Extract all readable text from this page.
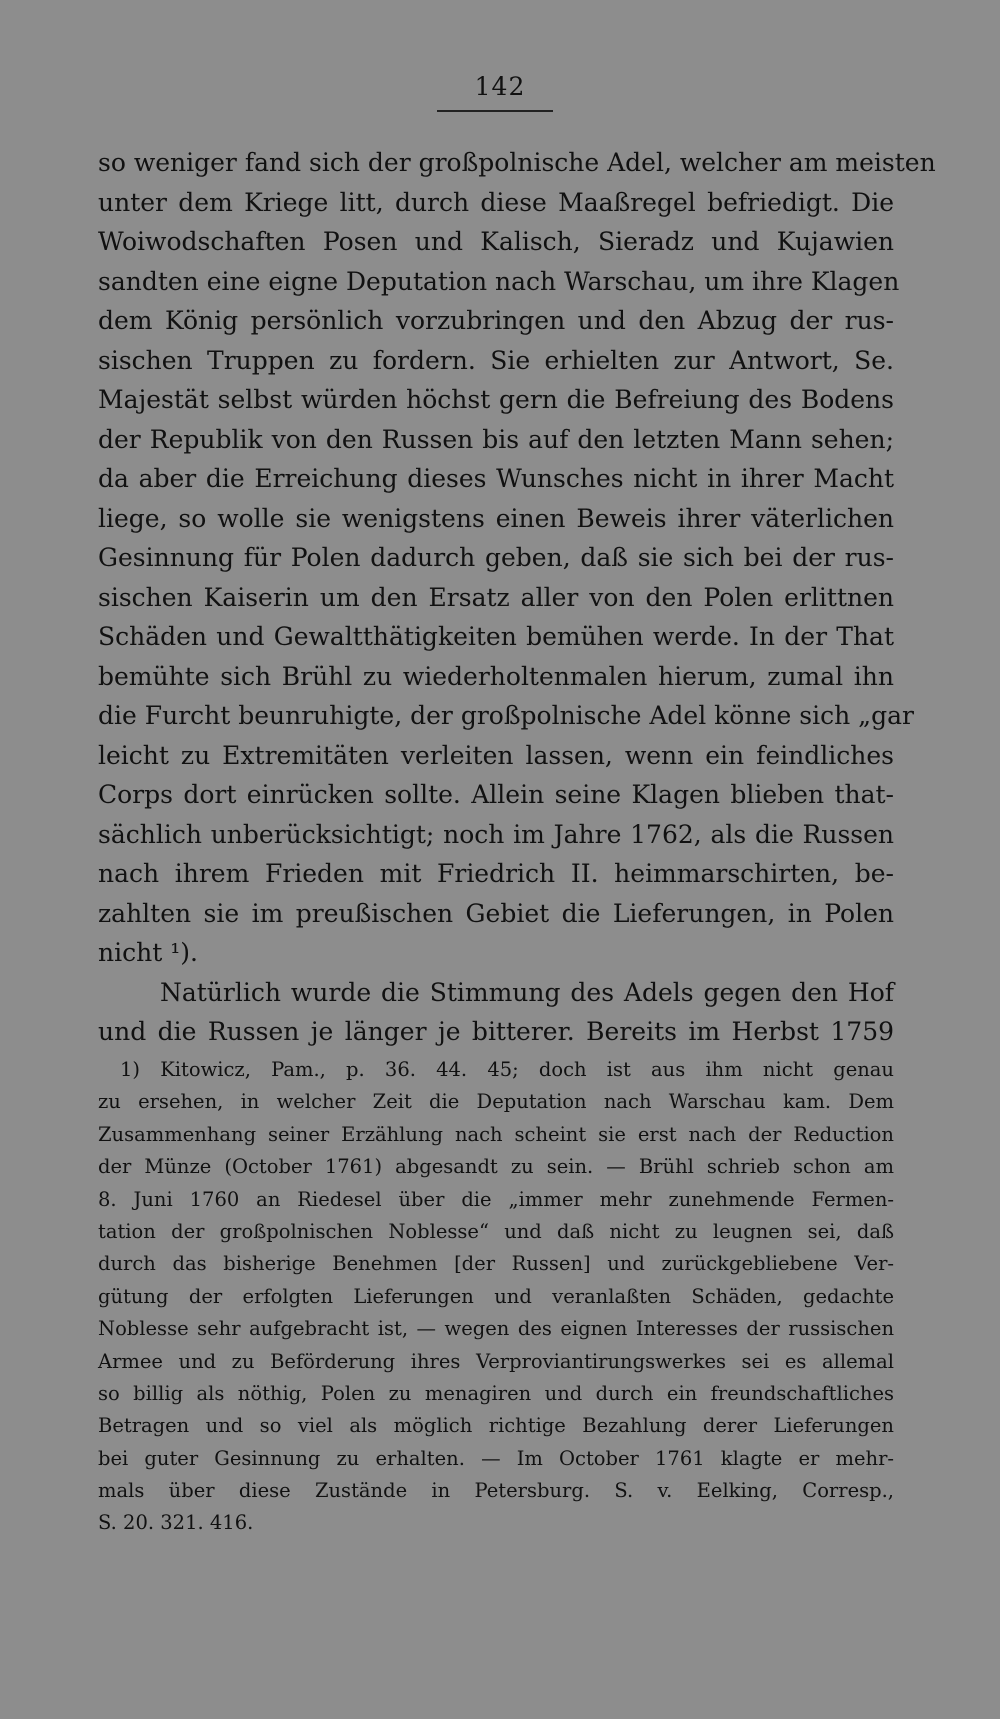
142
so weniger fand sich der großpolnische Adel, welcher am meisten
unter dem Kriege litt, durch diese Maaßregel befriedigt. Die
Woiwodschaften Posen und Kalisch, Sieradz und Kujawien
sandten eine eigne Deputation nach Warschau, um ihre Klagen
dem König persönlich vorzubringen und den Abzug der rus-
sischen Truppen zu fordern. Sie erhielten zur Antwort, Se.
Majestät selbst würden höchst gern die Befreiung des Bodens
der Republik von den Russen bis auf den letzten Mann sehen;
da aber die Erreichung dieses Wunsches nicht in ihrer Macht
liege, so wolle sie wenigstens einen Beweis ihrer väterlichen
Gesinnung für Polen dadurch geben, daß sie sich bei der rus-
sischen Kaiserin um den Ersatz aller von den Polen erlittnen
Schäden und Gewaltthätigkeiten bemühen werde. In der That
bemühte sich Brühl zu wiederholtenmalen hierum, zumal ihn
die Furcht beunruhigte, der großpolnische Adel könne sich „gar
leicht zu Extremitäten verleiten lassen, wenn ein feindliches
Corps dort einrücken sollte. Allein seine Klagen blieben that-
sächlich unberücksichtigt; noch im Jahre 1762, als die Russen
nach ihrem Frieden mit Friedrich II. heimmarschirten, be-
zahlten sie im preußischen Gebiet die Lieferungen, in Polen
nicht ¹).
Natürlich wurde die Stimmung des Adels gegen den Hof
und die Russen je länger je bitterer. Bereits im Herbst 1759
1) Kitowicz, Pam., p. 36. 44. 45; doch ist aus ihm nicht genau
zu ersehen, in welcher Zeit die Deputation nach Warschau kam. Dem
Zusammenhang seiner Erzählung nach scheint sie erst nach der Reduction
der Münze (October 1761) abgesandt zu sein. — Brühl schrieb schon am
8. Juni 1760 an Riedesel über die „immer mehr zunehmende Fermen-
tation der großpolnischen Noblesse“ und daß nicht zu leugnen sei, daß
durch das bisherige Benehmen [der Russen] und zurückgebliebene Ver-
gütung der erfolgten Lieferungen und veranlaßten Schäden, gedachte
Noblesse sehr aufgebracht ist, — wegen des eignen Interesses der russischen
Armee und zu Beförderung ihres Verproviantirungswerkes sei es allemal
so billig als nöthig, Polen zu menagiren und durch ein freundschaftliches
Betragen und so viel als möglich richtige Bezahlung derer Lieferungen
bei guter Gesinnung zu erhalten. — Im October 1761 klagte er mehr-
mals über diese Zustände in Petersburg. S. v. Eelking, Corresp.,
S. 20. 321. 416.
